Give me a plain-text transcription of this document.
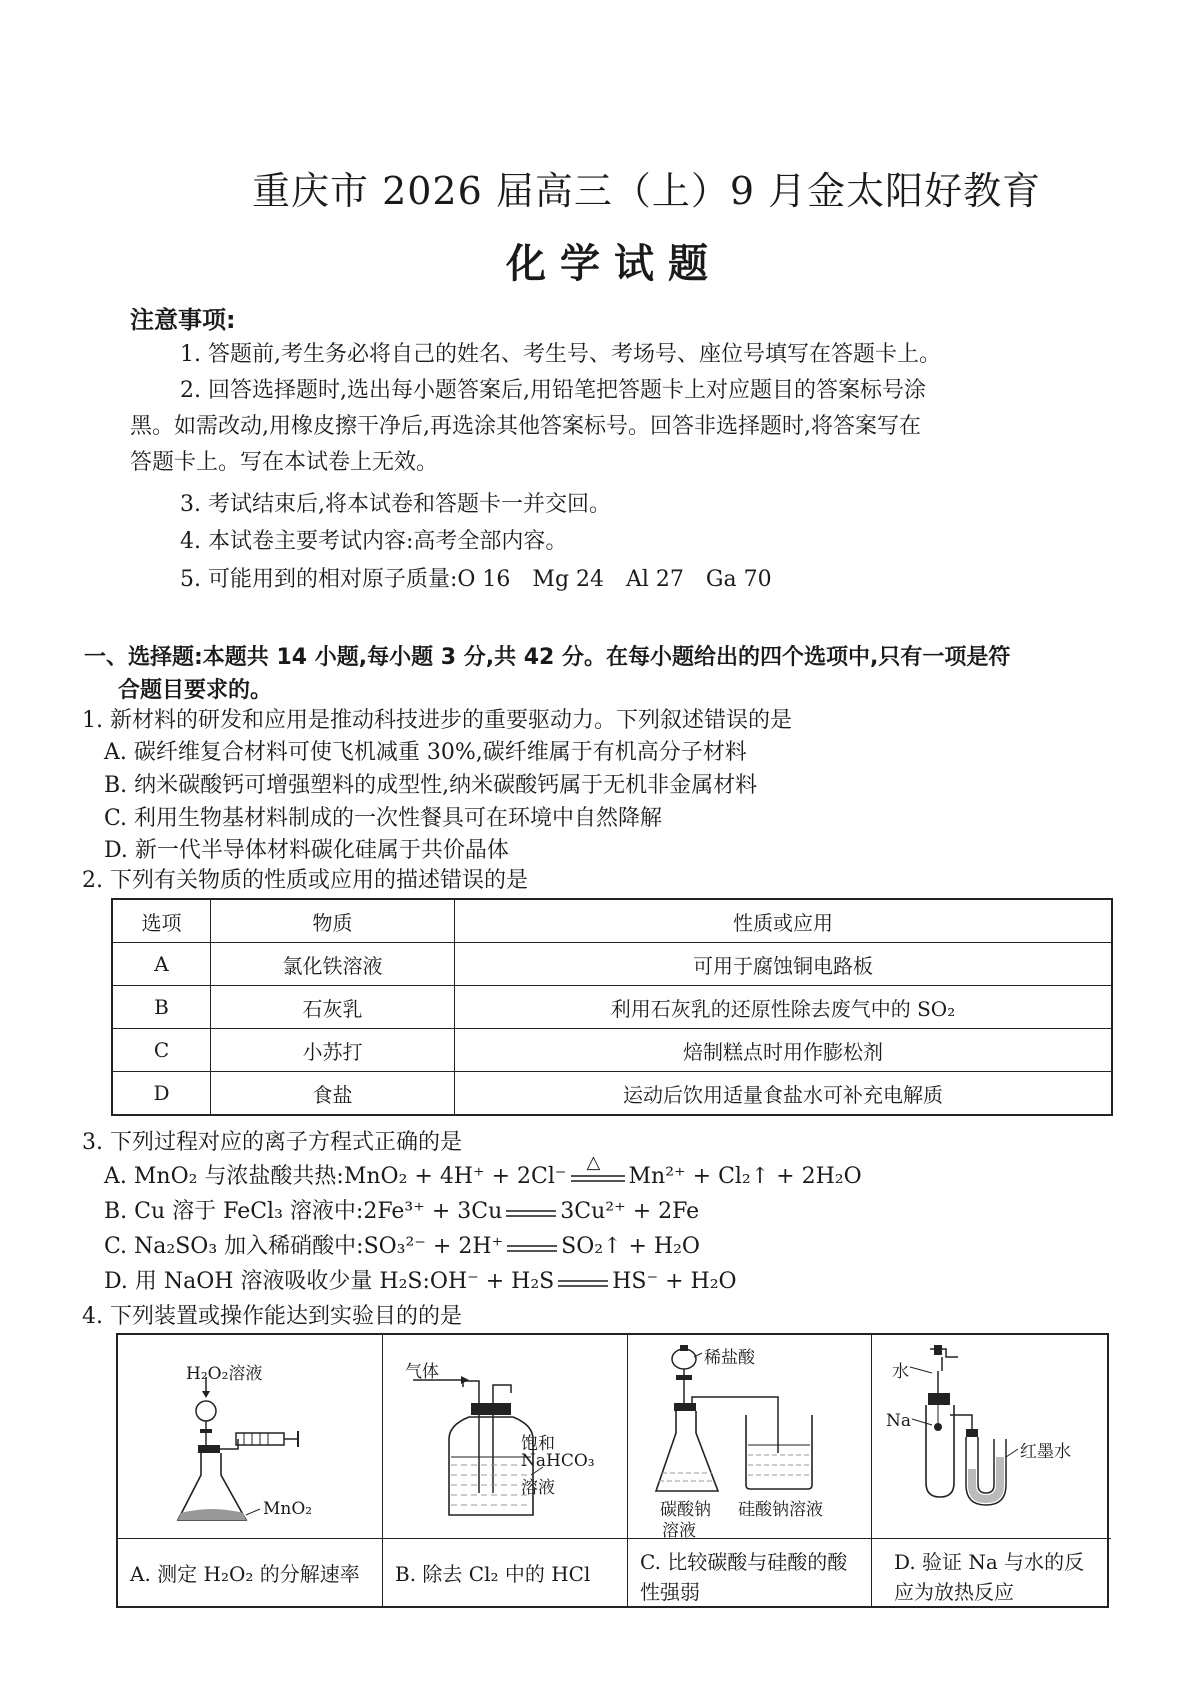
重庆市 2026 届高三（上）9 月金太阳好教育
化学试题
注意事项:
1. 答题前,考生务必将自己的姓名、考生号、考场号、座位号填写在答题卡上。
2. 回答选择题时,选出每小题答案后,用铅笔把答题卡上对应题目的答案标号涂
黑。如需改动,用橡皮擦干净后,再选涂其他答案标号。回答非选择题时,将答案写在
答题卡上。写在本试卷上无效。
3. 考试结束后,将本试卷和答题卡一并交回。
4. 本试卷主要考试内容:高考全部内容。
5. 可能用到的相对原子质量:O 16　Mg 24　Al 27　Ga 70
一、选择题:本题共 14 小题,每小题 3 分,共 42 分。在每小题给出的四个选项中,只有一项是符
合题目要求的。
1. 新材料的研发和应用是推动科技进步的重要驱动力。下列叙述错误的是
A. 碳纤维复合材料可使飞机减重 30%,碳纤维属于有机高分子材料
B. 纳米碳酸钙可增强塑料的成型性,纳米碳酸钙属于无机非金属材料
C. 利用生物基材料制成的一次性餐具可在环境中自然降解
D. 新一代半导体材料碳化硅属于共价晶体
2. 下列有关物质的性质或应用的描述错误的是
选项	物质	性质或应用
A	氯化铁溶液	可用于腐蚀铜电路板
B	石灰乳	利用石灰乳的还原性除去废气中的 SO₂
C	小苏打	焙制糕点时用作膨松剂
D	食盐	运动后饮用适量食盐水可补充电解质
3. 下列过程对应的离子方程式正确的是
A. MnO₂ 与浓盐酸共热:MnO₂ + 4H⁺ + 2Cl⁻
△
Mn²⁺ + Cl₂↑ + 2H₂O
B. Cu 溶于 FeCl₃ 溶液中:2Fe³⁺ + 3Cu	3Cu²⁺ + 2Fe
C. Na₂SO₃ 加入稀硝酸中:SO₃²⁻ + 2H⁺	SO₂↑ + H₂O
D. 用 NaOH 溶液吸收少量 H₂S:OH⁻ + H₂S	HS⁻ + H₂O
4. 下列装置或操作能达到实验目的的是
H₂O₂溶液
MnO₂
A. 测定 H₂O₂ 的分解速率
气体
饱和
NaHCO₃
溶液
B. 除去 Cl₂ 中的 HCl
稀盐酸
碳酸钠
溶液
硅酸钠溶液
C. 比较碳酸与硅酸的酸性强弱
水
Na
红墨水
D. 验证 Na 与水的反应为放热反应
